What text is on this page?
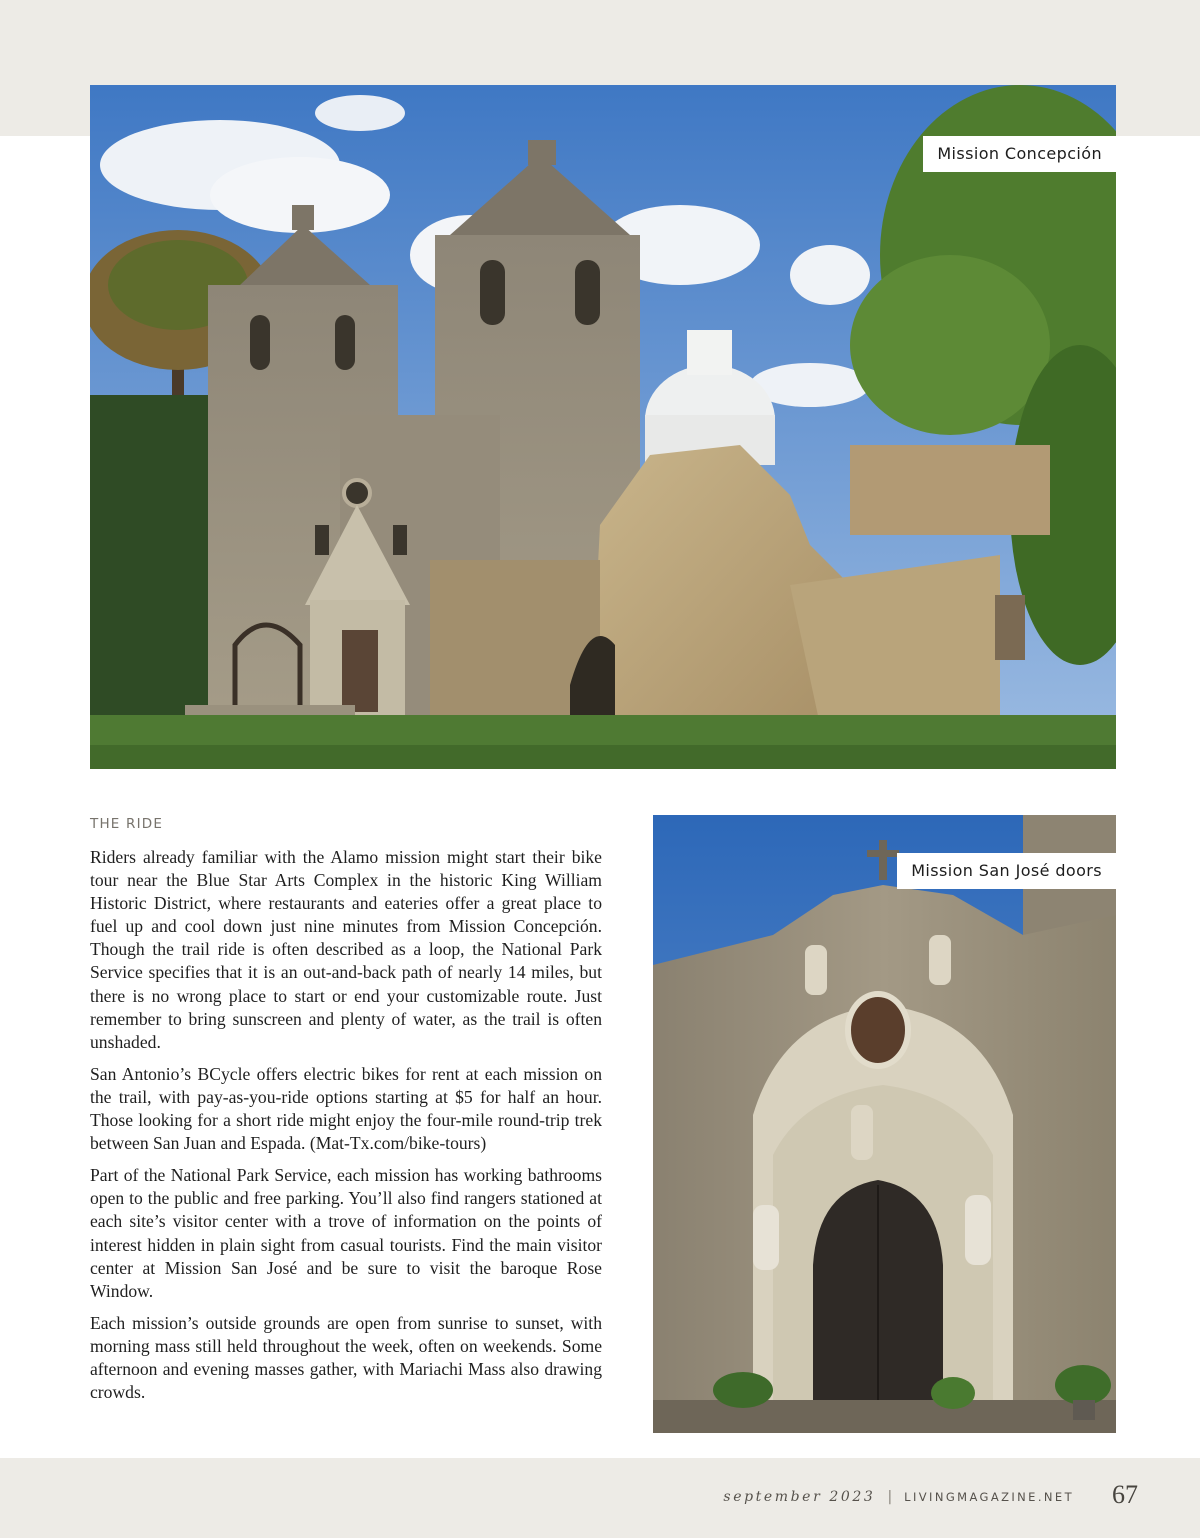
Mission Concepción
Mission San José doors
THE RIDE

Riders already familiar with the Alamo mission might start their bike tour near the Blue Star Arts Complex in the historic King William Historic District, where restaurants and eateries offer a great place to fuel up and cool down just nine minutes from Mission Concepción. Though the trail ride is often described as a loop, the National Park Service specifies that it is an out-and-back path of nearly 14 miles, but there is no wrong place to start or end your customizable route. Just remember to bring sunscreen and plenty of water, as the trail is often unshaded.

San Antonio’s BCycle offers electric bikes for rent at each mission on the trail, with pay-as-you-ride options starting at $5 for half an hour. Those looking for a short ride might enjoy the four-mile round-trip trek between San Juan and Espada. (Mat-Tx.com/bike-tours)

Part of the National Park Service, each mission has working bathrooms open to the public and free parking. You’ll also find rangers stationed at each site’s visitor center with a trove of information on the points of interest hidden in plain sight from casual tourists. Find the main visitor center at Mission San José and be sure to visit the baroque Rose Window.

Each mission’s outside grounds are open from sunrise to sunset, with morning mass still held throughout the week, often on weekends. Some afternoon and evening masses gather, with Mariachi Mass also drawing crowds.

september 2023 | LIVINGMAGAZINE.NET 67
